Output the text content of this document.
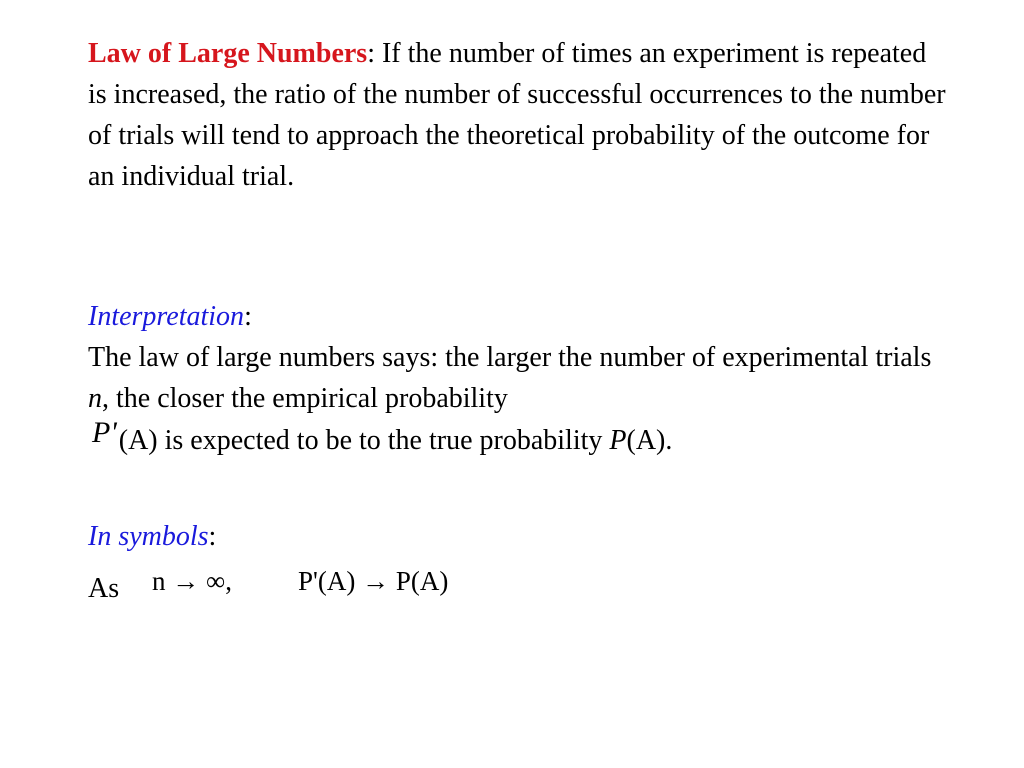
Law of Large Numbers: If the number of times an experiment is repeated is increased, the ratio of the number of successful occurrences to the number of trials will tend to approach the theoretical probability of the outcome for an individual trial.
Interpretation:
The law of large numbers says: the larger the number of experimental trials n, the closer the empirical probability
P'(A) is expected to be to the true probability P(A).
In symbols:
As n → ∞, P'(A) → P(A)
